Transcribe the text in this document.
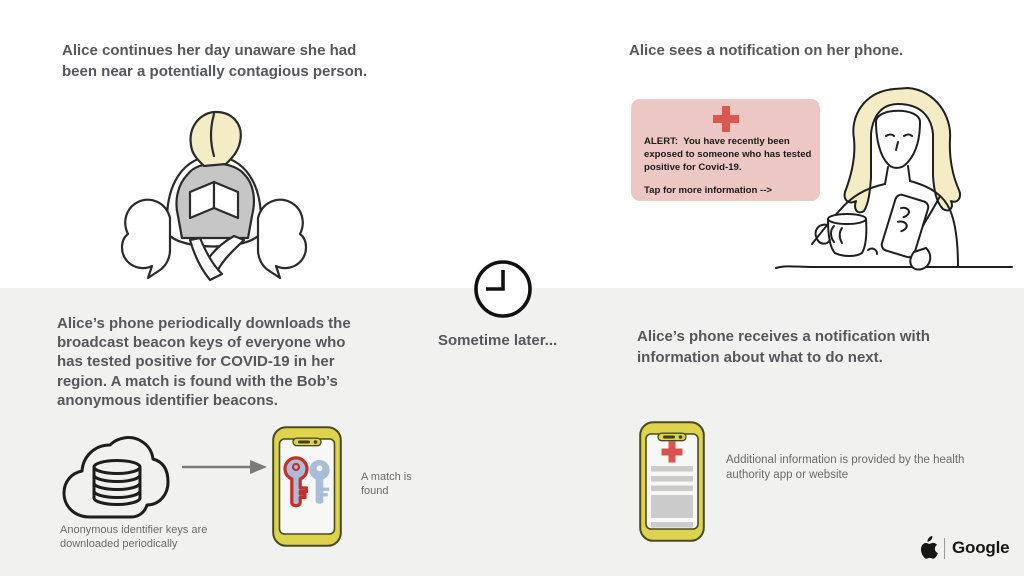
Alice continues her day unaware she had
been near a potentially contagious person.
Alice sees a notification on her phone.
ALERT:  You have recently been
exposed to someone who has tested
positive for Covid-19.
Tap for more information -->
Sometime later...
Alice’s phone periodically downloads the
broadcast beacon keys of everyone who
has tested positive for COVID-19 in her
region. A match is found with the Bob’s
anonymous identifier beacons.
Anonymous identifier keys are downloaded periodically
A match is found
Alice’s phone receives a notification with
information about what to do next.
Additional information is provided by the health authority app or website
Google
